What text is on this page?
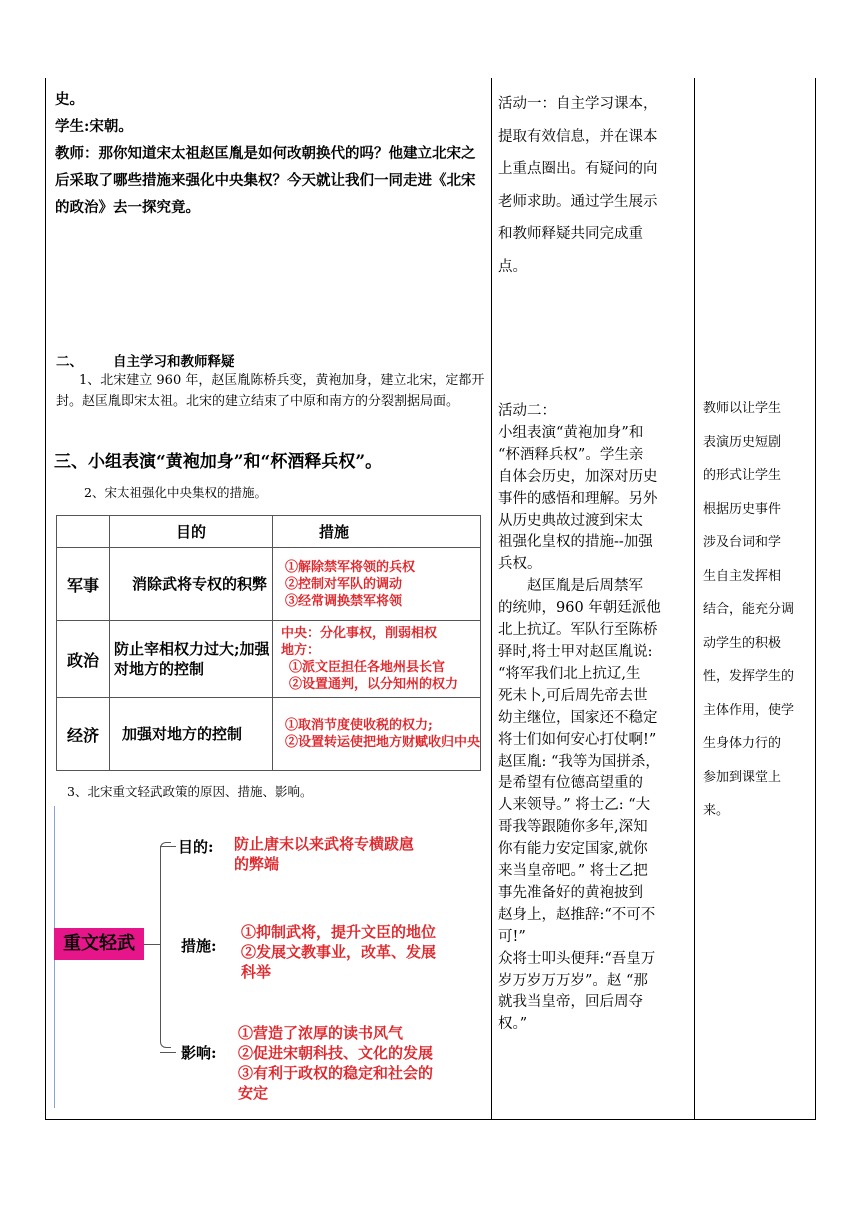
史。
学生:宋朝。
教师：那你知道宋太祖赵匡胤是如何改朝换代的吗？他建立北宋之后采取了哪些措施来强化中央集权？今天就让我们一同走进《北宋的政治》去一探究竟。
二、 自主学习和教师释疑
1、北宋建立 960 年，赵匡胤陈桥兵变，黄袍加身，建立北宋，定都开封。赵匡胤即宋太祖。北宋的建立结束了中原和南方的分裂割据局面。
三、小组表演“黄袍加身”和“杯酒释兵权”。
2、宋太祖强化中央集权的措施。
	目的	措施
军事	消除武将专权的积弊	①解除禁军将领的兵权
②控制对军队的调动
③经常调换禁军将领

政治	防止宰相权力过大;加强对地方的控制	中央：分化事权，削弱相权
地方：
①派文臣担任各地州县长官
②设置通判，以分知州的权力

经济	加强对地方的控制	①取消节度使收税的权力;
②设置转运使把地方财赋收归中央
3、北宋重文轻武政策的原因、措施、影响。
重文轻武
目的: 防止唐末以来武将专横跋扈
的弊端
措施:
①抑制武将，提升文臣的地位
②发展文教事业，改革、发展
科举
影响:
①营造了浓厚的读书风气
②促进宋朝科技、文化的发展
③有利于政权的稳定和社会的
安定
活动一：自主学习课本，
提取有效信息，并在课本
上重点圈出。有疑问的向
老师求助。通过学生展示
和教师释疑共同完成重
点。
活动二：
小组表演“黄袍加身”和
“杯酒释兵权”。学生亲
自体会历史，加深对历史
事件的感悟和理解。另外
从历史典故过渡到宋太
祖强化皇权的措施--加强
兵权。
　　赵匡胤是后周禁军
的统帅，960 年朝廷派他
北上抗辽。军队行至陈桥
驿时,将士甲对赵匡胤说:
“将军我们北上抗辽,生
死未卜,可后周先帝去世
幼主继位，国家还不稳定
将士们如何安心打仗啊!”
赵匡胤: “我等为国拼杀，
是希望有位德高望重的
人来领导。” 将士乙: “大
哥我等跟随你多年,深知
你有能力安定国家,就你
来当皇帝吧。” 将士乙把
事先准备好的黄袍披到
赵身上，赵推辞:“不可不
可!”
众将士叩头便拜:“吾皇万
岁万岁万万岁”。赵 “那
就我当皇帝，回后周夺
权。”
教师以让学生
表演历史短剧
的形式让学生
根据历史事件
涉及台词和学
生自主发挥相
结合，能充分调
动学生的积极
性，发挥学生的
主体作用，使学
生身体力行的
参加到课堂上
来。
